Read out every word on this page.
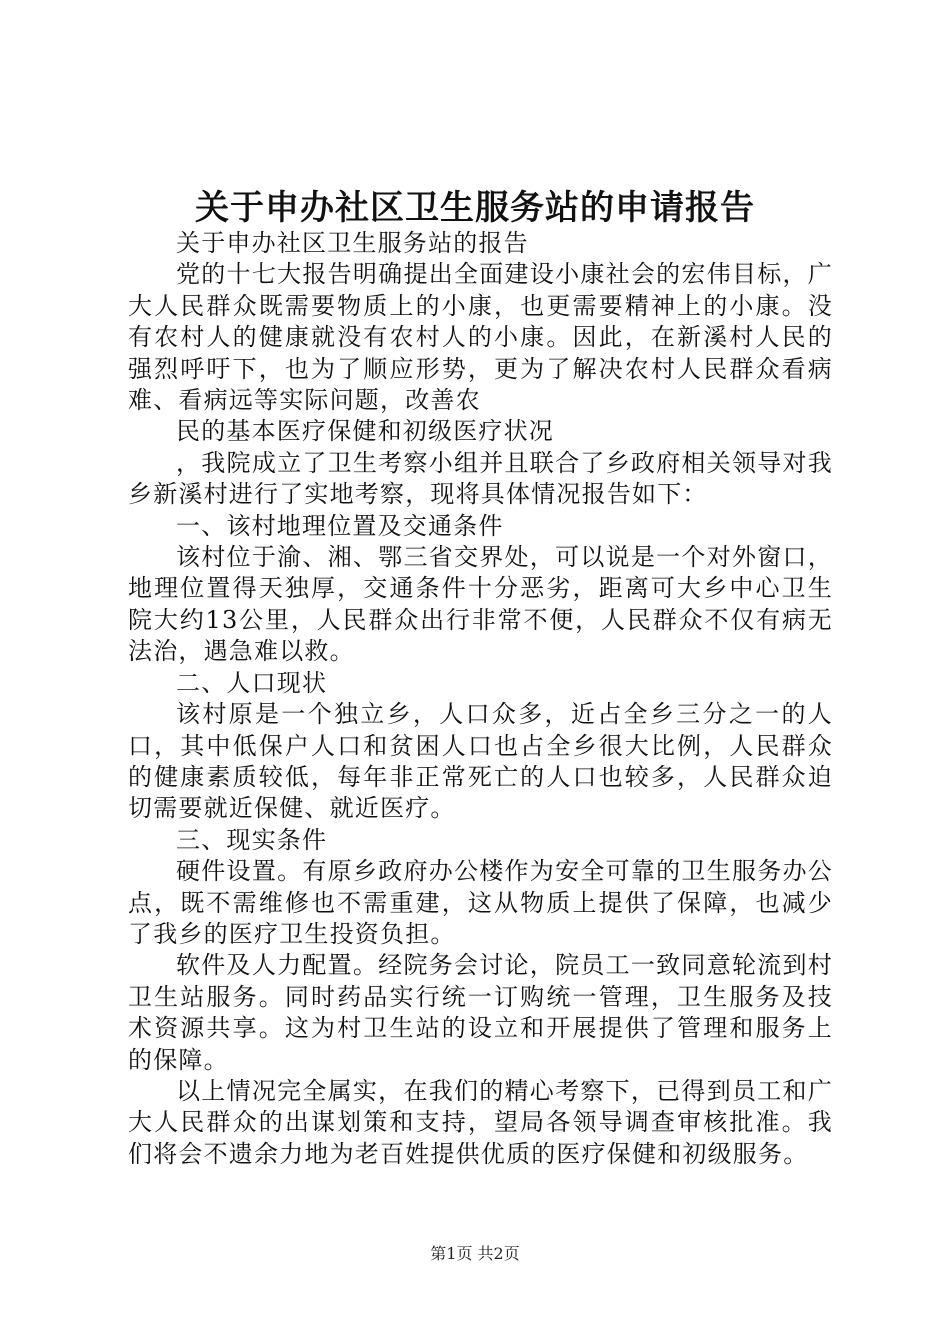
关于申办社区卫生服务站的申请报告

关于申办社区卫生服务站的报告

党的十七大报告明确提出全面建设小康社会的宏伟目标，广大人民群众既需要物质上的小康，也更需要精神上的小康。没有农村人的健康就没有农村人的小康。因此，在新溪村人民的强烈呼吁下，也为了顺应形势，更为了解决农村人民群众看病难、看病远等实际问题，改善农

民的基本医疗保健和初级医疗状况

，我院成立了卫生考察小组并且联合了乡政府相关领导对我乡新溪村进行了实地考察，现将具体情况报告如下：

一、该村地理位置及交通条件

该村位于渝、湘、鄂三省交界处，可以说是一个对外窗口，地理位置得天独厚，交通条件十分恶劣，距离可大乡中心卫生院大约13公里，人民群众出行非常不便，人民群众不仅有病无法治，遇急难以救。

二、人口现状

该村原是一个独立乡，人口众多，近占全乡三分之一的人口，其中低保户人口和贫困人口也占全乡很大比例，人民群众的健康素质较低，每年非正常死亡的人口也较多，人民群众迫切需要就近保健、就近医疗。

三、现实条件

硬件设置。有原乡政府办公楼作为安全可靠的卫生服务办公点，既不需维修也不需重建，这从物质上提供了保障，也减少了我乡的医疗卫生投资负担。

软件及人力配置。经院务会讨论，院员工一致同意轮流到村卫生站服务。同时药品实行统一订购统一管理，卫生服务及技术资源共享。这为村卫生站的设立和开展提供了管理和服务上的保障。

以上情况完全属实，在我们的精心考察下，已得到员工和广大人民群众的出谋划策和支持，望局各领导调查审核批准。我们将会不遗余力地为老百姓提供优质的医疗保健和初级服务。

第1页 共2页
